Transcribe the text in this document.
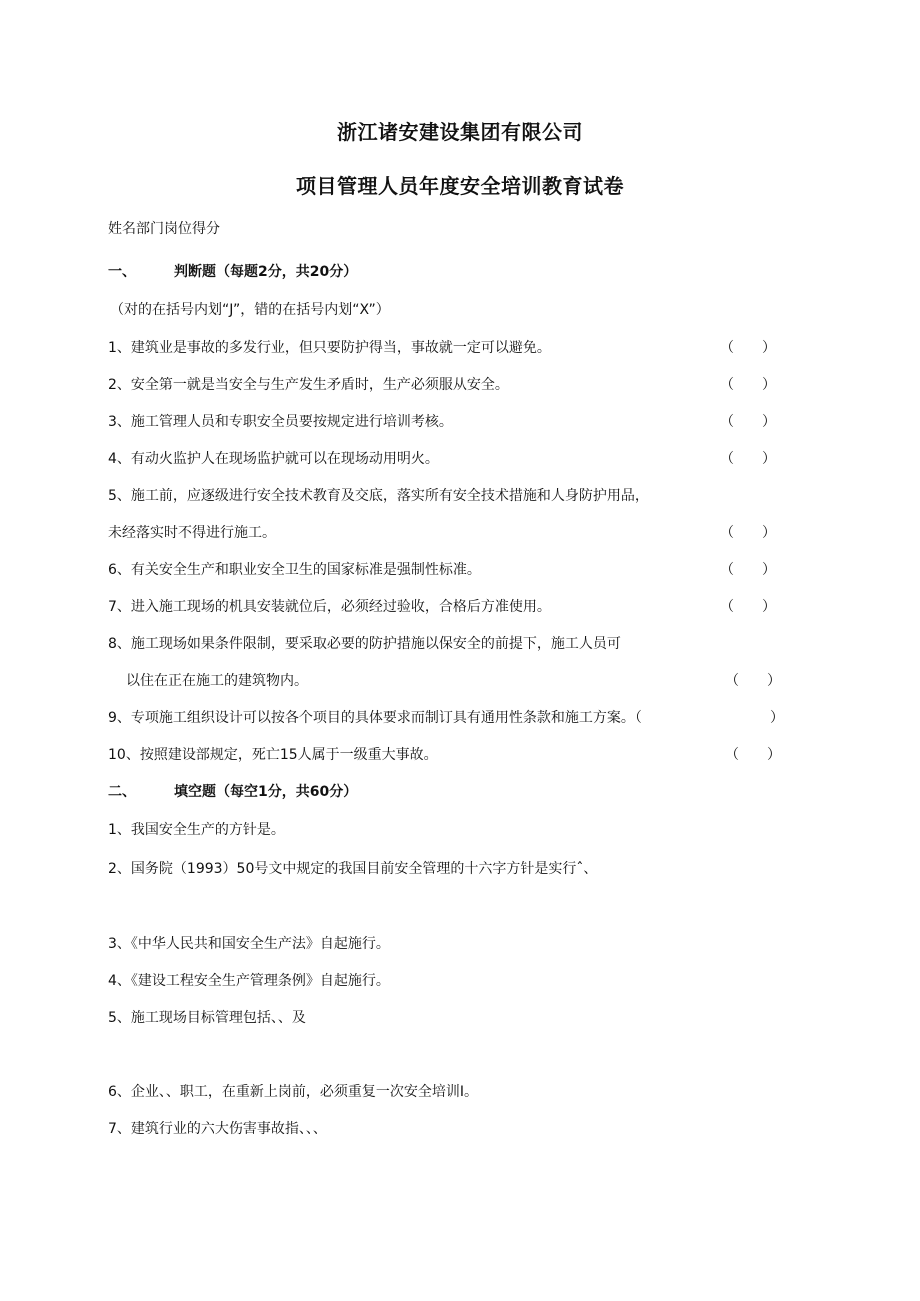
浙江诸安建设集团有限公司
项目管理人员年度安全培训教育试卷
姓名部门岗位得分
一、	判断题（每题2分，共20分）
（对的在括号内划“J”，错的在括号内划“X”）
1、建筑业是事故的多发行业，但只要防护得当，事故就一定可以避免。	（　　）
2、安全第一就是当安全与生产发生矛盾时，生产必须服从安全。	（　　）
3、施工管理人员和专职安全员要按规定进行培训考核。	（　　）
4、有动火监护人在现场监护就可以在现场动用明火。	（　　）
5、施工前，应逐级进行安全技术教育及交底，落实所有安全技术措施和人身防护用品，
未经落实时不得进行施工。	（　　）
6、有关安全生产和职业安全卫生的国家标准是强制性标准。	（　　）
7、进入施工现场的机具安装就位后，必须经过验收，合格后方准使用。	（　　）
8、施工现场如果条件限制，要采取必要的防护措施以保安全的前提下，施工人员可
以住在正在施工的建筑物内。	（　　）
9、专项施工组织设计可以按各个项目的具体要求而制订具有通用性条款和施工方案。（	）
10、按照建设部规定，死亡15人属于一级重大事故。	（　　）
二、	填空题（每空1分，共60分）
1、我国安全生产的方针是。
2、国务院（1993）50号文中规定的我国目前安全管理的十六字方针是实行ˆ、
3、《中华人民共和国安全生产法》自起施行。
4、《建设工程安全生产管理条例》自起施行。
5、施工现场目标管理包括、、及
6、企业、、职工，在重新上岗前，必须重复一次安全培训I。
7、建筑行业的六大伤害事故指、、、
